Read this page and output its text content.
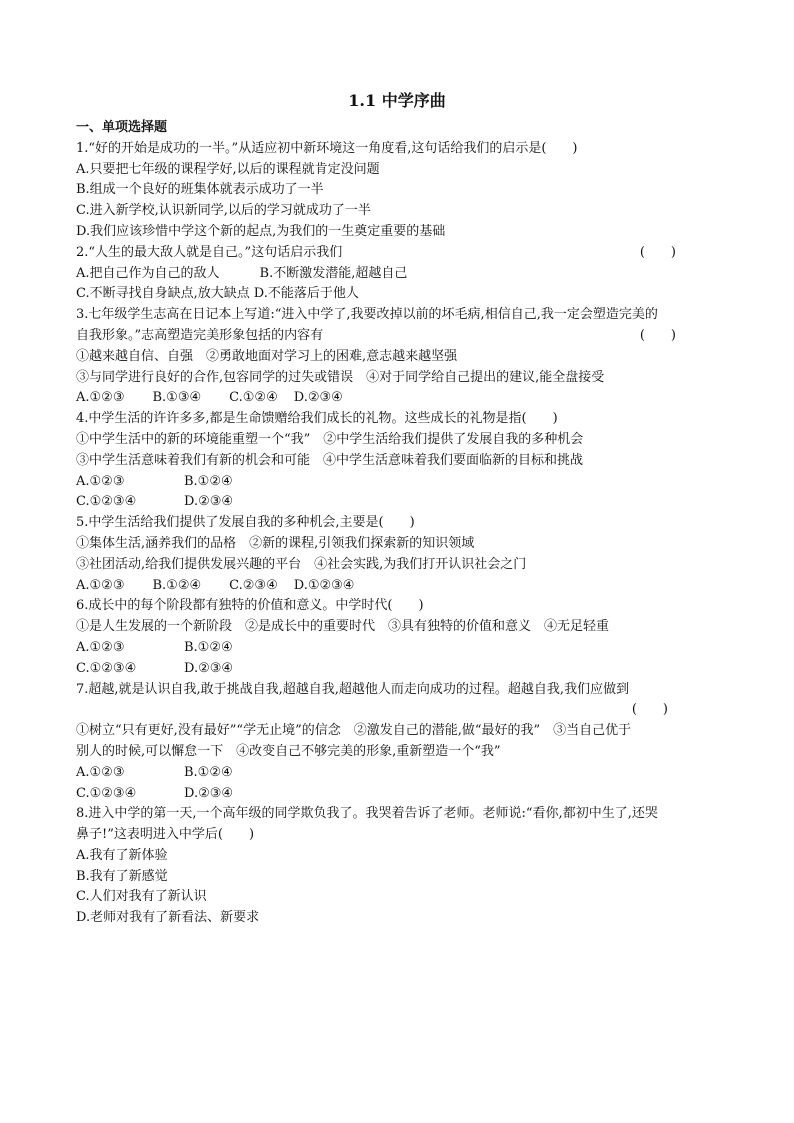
1.1 中学序曲
一、单项选择题
1.“好的开始是成功的一半。”从适应初中新环境这一角度看,这句话给我们的启示是(　　)
A.只要把七年级的课程学好,以后的课程就肯定没问题
B.组成一个良好的班集体就表示成功了一半
C.进入新学校,认识新同学,以后的学习就成功了一半
D.我们应该珍惜中学这个新的起点,为我们的一生奠定重要的基础
2.“人生的最大敌人就是自己。”这句话启示我们	(　　)
A.把自己作为自己的敌人	B.不断激发潜能,超越自己
C.不断寻找自身缺点,放大缺点 D.不能落后于他人
3.七年级学生志高在日记本上写道:“进入中学了,我要改掉以前的坏毛病,相信自己,我一定会塑造完美的
自我形象。”志高塑造完美形象包括的内容有	(　　)
①越来越自信、自强　②勇敢地面对学习上的困难,意志越来越坚强
③与同学进行良好的合作,包容同学的过失或错误　④对于同学给自己提出的建议,能全盘接受
A.①②③ B.①③④ C.①②④ D.②③④
4.中学生活的许许多多,都是生命馈赠给我们成长的礼物。这些成长的礼物是指(　　)
①中学生活中的新的环境能重塑一个“我”　②中学生活给我们提供了发展自我的多种机会
③中学生活意味着我们有新的机会和可能　④中学生活意味着我们要面临新的目标和挑战
A.①②③	B.①②④
C.①②③④	D.②③④
5.中学生活给我们提供了发展自我的多种机会,主要是(　　)
①集体生活,涵养我们的品格　②新的课程,引领我们探索新的知识领域
③社团活动,给我们提供发展兴趣的平台　④社会实践,为我们打开认识社会之门
A.①②③ B.①②④ C.②③④ D.①②③④
6.成长中的每个阶段都有独特的价值和意义。中学时代(　　)
①是人生发展的一个新阶段　②是成长中的重要时代　③具有独特的价值和意义　④无足轻重
A.①②③	B.①②④
C.①②③④	D.②③④
7.超越,就是认识自我,敢于挑战自我,超越自我,超越他人而走向成功的过程。超越自我,我们应做到
(　　)
①树立“只有更好,没有最好”“学无止境”的信念　②激发自己的潜能,做“最好的我”　③当自己优于
别人的时候,可以懈怠一下　④改变自己不够完美的形象,重新塑造一个“我”
A.①②③	B.①②④
C.①②③④	D.②③④
8.进入中学的第一天,一个高年级的同学欺负我了。我哭着告诉了老师。老师说:“看你,都初中生了,还哭
鼻子!”这表明进入中学后(　　)
A.我有了新体验
B.我有了新感觉
C.人们对我有了新认识
D.老师对我有了新看法、新要求
